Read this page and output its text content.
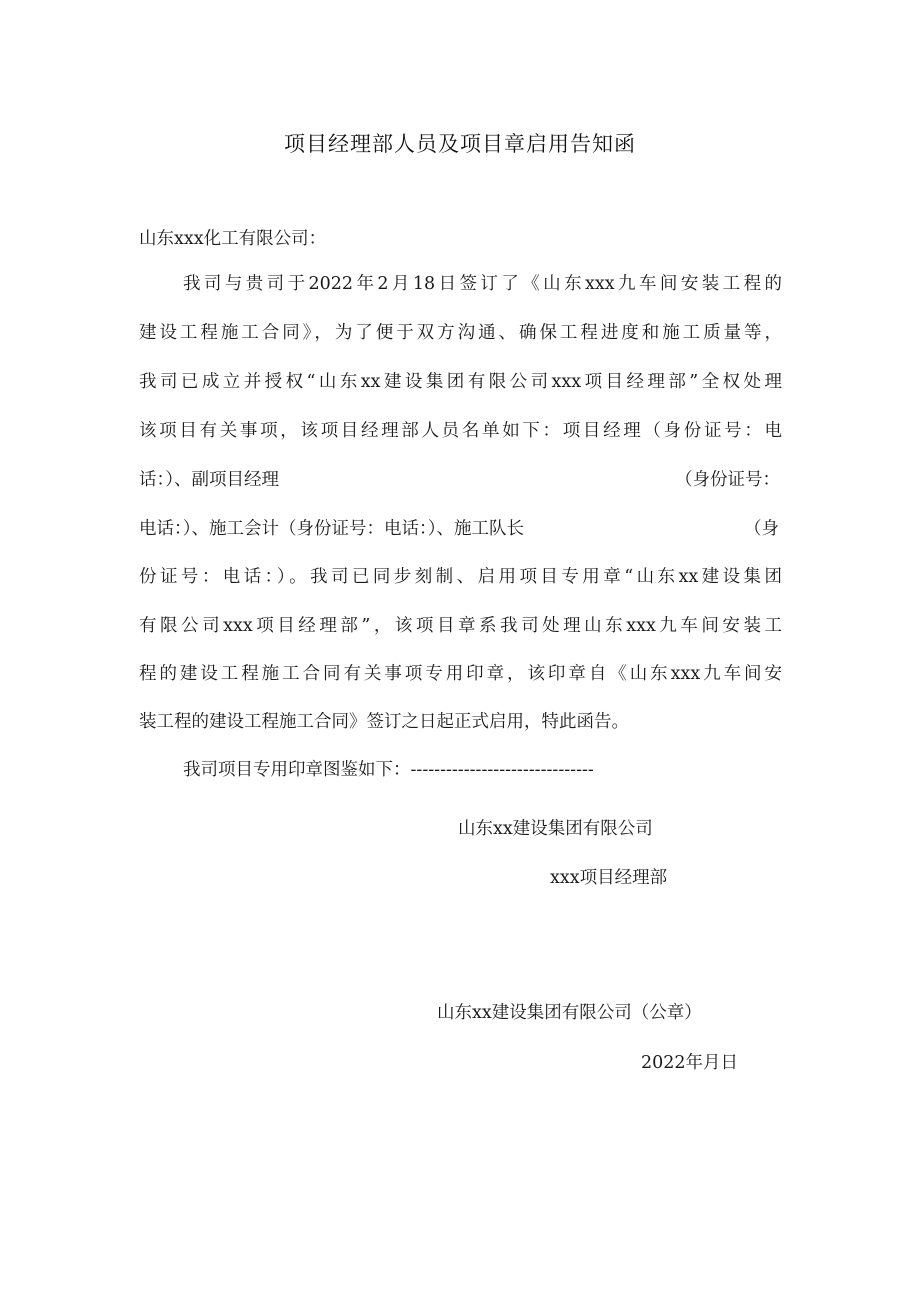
项目经理部人员及项目章启用告知函
山东xxx化工有限公司：
我司与贵司于2022年2月18日签订了《山东xxx九车间安装工程的
建设工程施工合同》，为了便于双方沟通、确保工程进度和施工质量等，
我司已成立并授权“山东xx建设集团有限公司xxx项目经理部”全权处理
该项目有关事项，该项目经理部人员名单如下：项目经理（身份证号：电
话：）、副项目经理	（身份证号：
电话：）、施工会计（身份证号：电话：）、施工队长	（身
份证号：电话：）。我司已同步刻制、启用项目专用章“山东xx建设集团
有限公司xxx项目经理部”，该项目章系我司处理山东xxx九车间安装工
程的建设工程施工合同有关事项专用印章，该印章自《山东xxx九车间安
装工程的建设工程施工合同》签订之日起正式启用，特此函告。
我司项目专用印章图鉴如下：-------------------------------
山东xx建设集团有限公司
xxx项目经理部
山东xx建设集团有限公司（公章）
2022年月日
